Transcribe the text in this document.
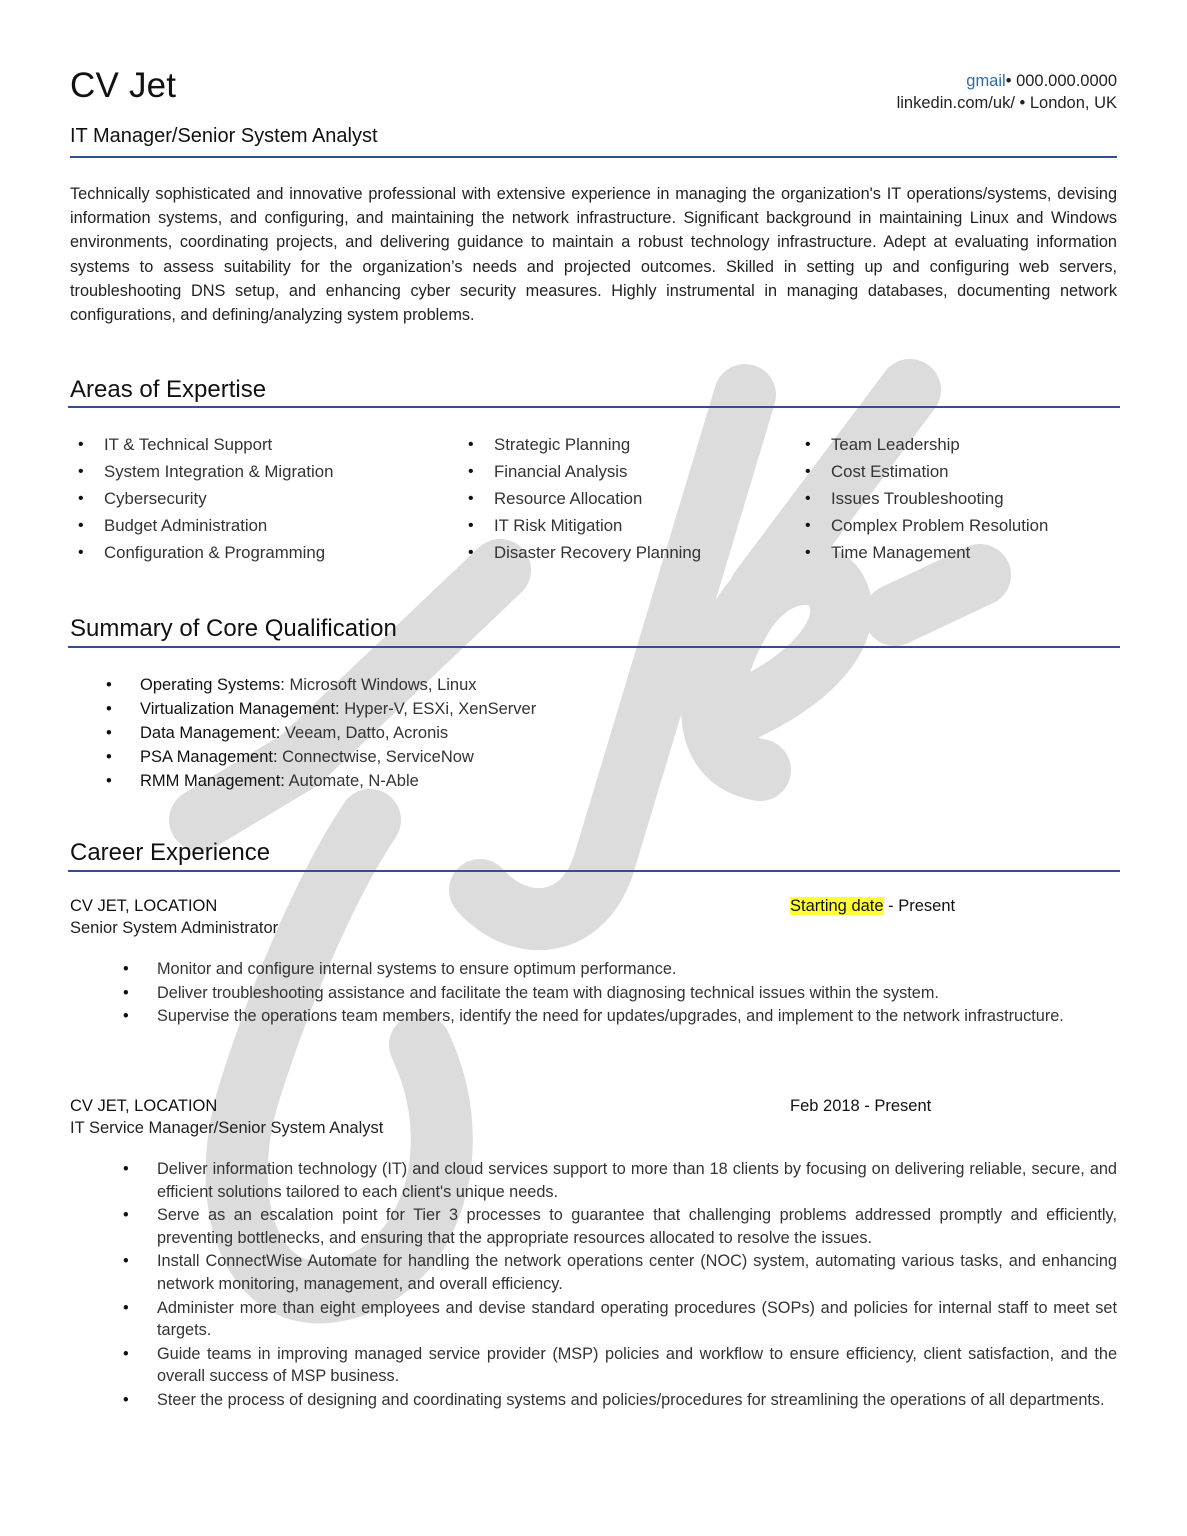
CV Jet	gmail• 000.000.0000
linkedin.com/uk/ • London, UK
IT Manager/Senior System Analyst
Technically sophisticated and innovative professional with extensive experience in managing the organization's IT operations/systems, devising information systems, and configuring, and maintaining the network infrastructure. Significant background in maintaining Linux and Windows environments, coordinating projects, and delivering guidance to maintain a robust technology infrastructure. Adept at evaluating information systems to assess suitability for the organization’s needs and projected outcomes. Skilled in setting up and configuring web servers, troubleshooting DNS setup, and enhancing cyber security measures. Highly instrumental in managing databases, documenting network configurations, and defining/analyzing system problems.
Areas of Expertise
• IT & Technical Support
• System Integration & Migration
• Cybersecurity
• Budget Administration
• Configuration & Programming
• Strategic Planning
• Financial Analysis
• Resource Allocation
• IT Risk Mitigation
• Disaster Recovery Planning
• Team Leadership
• Cost Estimation
• Issues Troubleshooting
• Complex Problem Resolution
• Time Management
Summary of Core Qualification
• Operating Systems: Microsoft Windows, Linux
• Virtualization Management: Hyper-V, ESXi, XenServer
• Data Management: Veeam, Datto, Acronis
• PSA Management: Connectwise, ServiceNow
• RMM Management: Automate, N-Able
Career Experience
CV JET, LOCATION	Starting date - Present
Senior System Administrator
• Monitor and configure internal systems to ensure optimum performance.
• Deliver troubleshooting assistance and facilitate the team with diagnosing technical issues within the system.
• Supervise the operations team members, identify the need for updates/upgrades, and implement to the network infrastructure.
CV JET, LOCATION	Feb 2018 - Present
IT Service Manager/Senior System Analyst
• Deliver information technology (IT) and cloud services support to more than 18 clients by focusing on delivering reliable, secure, and efficient solutions tailored to each client's unique needs.
• Serve as an escalation point for Tier 3 processes to guarantee that challenging problems addressed promptly and efficiently, preventing bottlenecks, and ensuring that the appropriate resources allocated to resolve the issues.
• Install ConnectWise Automate for handling the network operations center (NOC) system, automating various tasks, and enhancing network monitoring, management, and overall efficiency.
• Administer more than eight employees and devise standard operating procedures (SOPs) and policies for internal staff to meet set targets.
• Guide teams in improving managed service provider (MSP) policies and workflow to ensure efficiency, client satisfaction, and the overall success of MSP business.
• Steer the process of designing and coordinating systems and policies/procedures for streamlining the operations of all departments.
